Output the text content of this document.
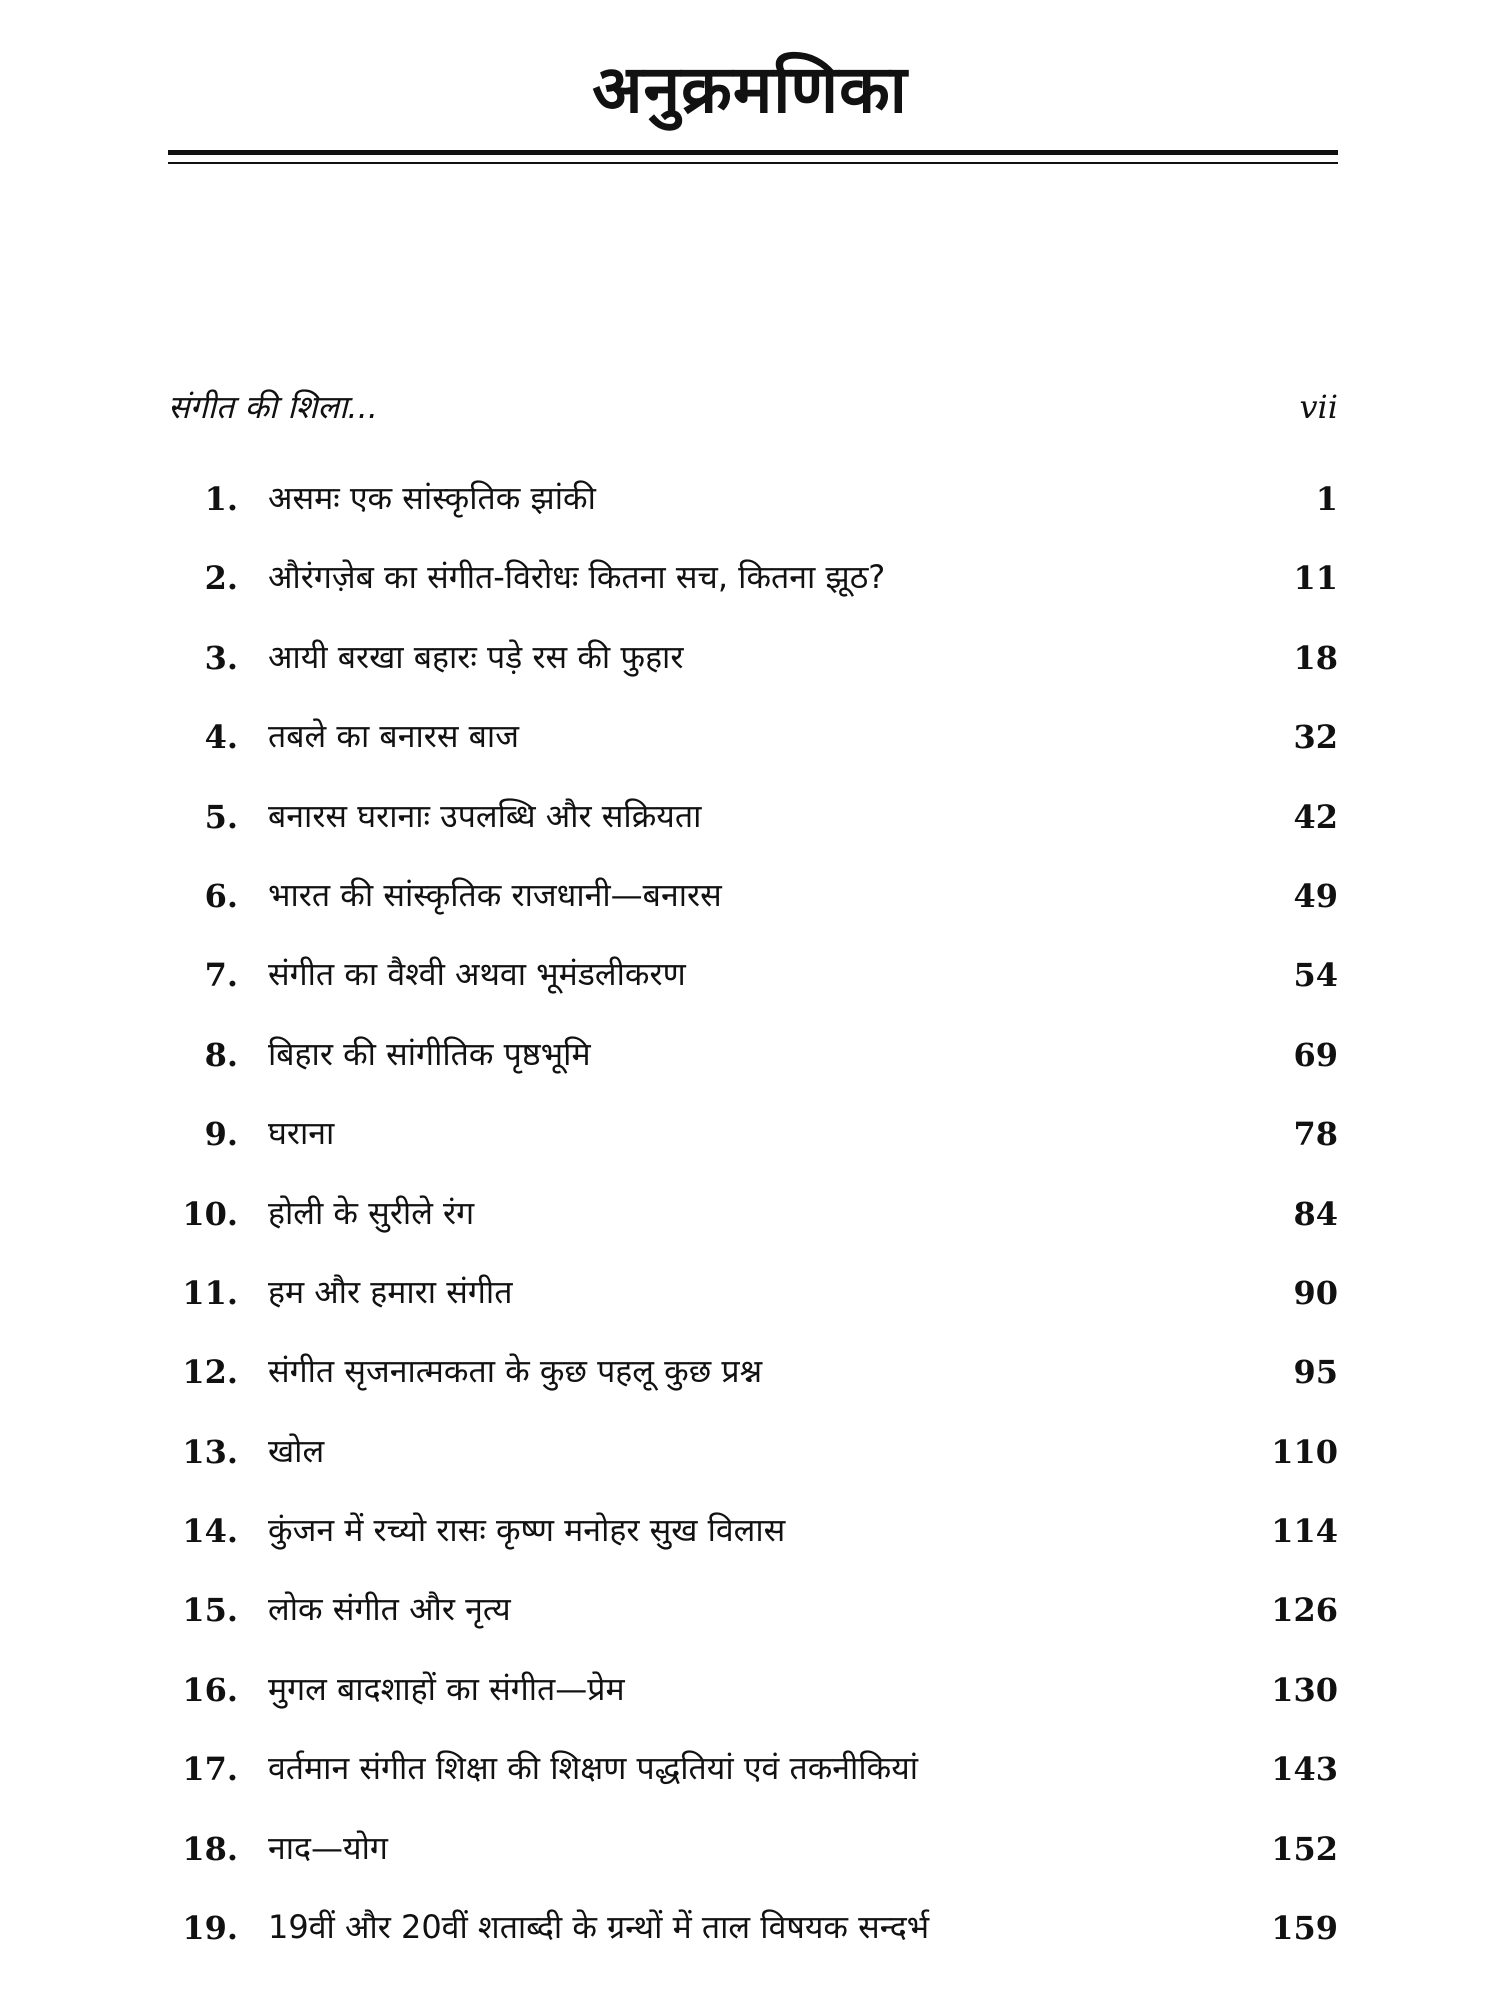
अनुक्रमणिका
संगीत की शिला...	vii
1. असमः एक सांस्कृतिक झांकी	1
2. औरंगज़ेब का संगीत-विरोधः कितना सच, कितना झूठ?	11
3. आयी बरखा बहारः पड़े रस की फुहार	18
4. तबले का बनारस बाज	32
5. बनारस घरानाः उपलब्धि और सक्रियता	42
6. भारत की सांस्कृतिक राजधानी—बनारस	49
7. संगीत का वैश्वी अथवा भूमंडलीकरण	54
8. बिहार की सांगीतिक पृष्ठभूमि	69
9. घराना	78
10. होली के सुरीले रंग	84
11. हम और हमारा संगीत	90
12. संगीत सृजनात्मकता के कुछ पहलू कुछ प्रश्न	95
13. खोल	110
14. कुंजन में रच्यो रासः कृष्ण मनोहर सुख विलास	114
15. लोक संगीत और नृत्य	126
16. मुगल बादशाहों का संगीत—प्रेम	130
17. वर्तमान संगीत शिक्षा की शिक्षण पद्धतियां एवं तकनीकियां	143
18. नाद—योग	152
19. 19वीं और 20वीं शताब्दी के ग्रन्थों में ताल विषयक सन्दर्भ	159
